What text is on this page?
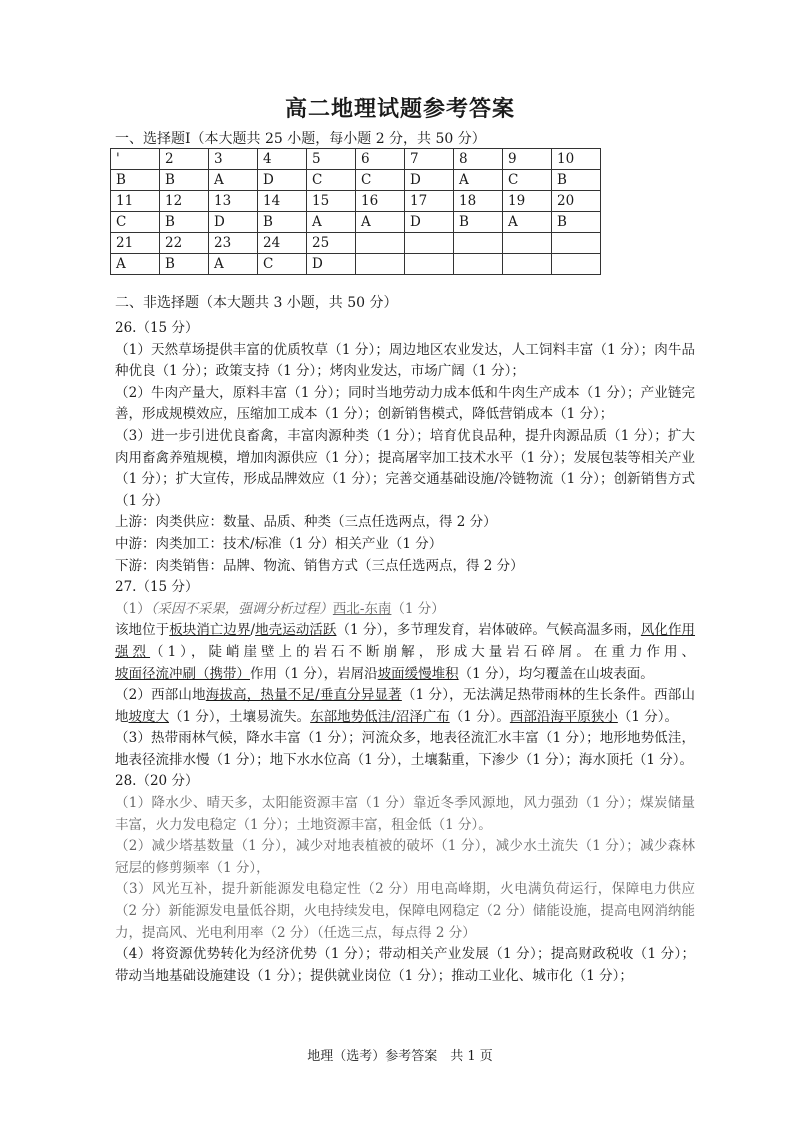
高二地理试题参考答案
一、选择题I（本大题共 25 小题，每小题 2 分，共 50 分）
'	2	3	4	5	6	7	8	9	10
B	B	A	D	C	C	D	A	C	B
11	12	13	14	15	16	17	18	19	20
C	B	D	B	A	A	D	B	A	B
21	22	23	24	25					
A	B	A	C	D					
二、非选择题（本大题共 3 小题，共 50 分）

26.（15 分）

（1）天然草场提供丰富的优质牧草（1 分）；周边地区农业发达，人工饲料丰富（1 分）；肉牛品种优良（1 分）；政策支持（1 分）；烤肉业发达，市场广阔（1 分）；

（2）牛肉产量大，原料丰富（1 分）；同时当地劳动力成本低和牛肉生产成本（1 分）；产业链完善，形成规模效应，压缩加工成本（1 分）；创新销售模式，降低营销成本（1 分）；

（3）进一步引进优良畜禽，丰富肉源种类（1 分）；培育优良品种，提升肉源品质（1 分）；扩大肉用畜禽养殖规模，增加肉源供应（1 分）；提高屠宰加工技术水平（1 分）；发展包装等相关产业（1 分）；扩大宣传，形成品牌效应（1 分）；完善交通基础设施/冷链物流（1 分）；创新销售方式（1 分）

上游：肉类供应：数量、品质、种类（三点任选两点，得 2 分）

中游：肉类加工：技术/标准（1 分）相关产业（1 分）

下游：肉类销售：品牌、物流、销售方式（三点任选两点，得 2 分）

27.（15 分）

（1）（采因不采果，强调分析过程）西北-东南（1 分）

该地位于板块消亡边界/地壳运动活跃（1 分），多节理发育，岩体破碎。气候高温多雨，风化作用强烈（1），陡峭崖壁上的岩石不断崩解，形成大量岩石碎屑。在重力作用、坡面径流冲刷（携带）作用（1 分），岩屑沿坡面缓慢堆积（1 分），均匀覆盖在山坡表面。

（2）西部山地海拔高，热量不足/垂直分异显著（1 分），无法满足热带雨林的生长条件。西部山地坡度大（1 分），土壤易流失。东部地势低洼/沼泽广布（1 分）。西部沿海平原狭小（1 分）。

（3）热带雨林气候，降水丰富（1 分）；河流众多，地表径流汇水丰富（1 分）；地形地势低洼，地表径流排水慢（1 分）；地下水水位高（1 分），土壤黏重，下渗少（1 分）；海水顶托（1 分）。

28.（20 分）

（1）降水少、晴天多，太阳能资源丰富（1 分）靠近冬季风源地，风力强劲（1 分）；煤炭储量丰富，火力发电稳定（1 分）；土地资源丰富，租金低（1 分）。

（2）减少塔基数量（1 分），减少对地表植被的破坏（1 分），减少水土流失（1 分）；减少森林冠层的修剪频率（1 分），

（3）风光互补，提升新能源发电稳定性（2 分）用电高峰期，火电满负荷运行，保障电力供应（2 分）新能源发电量低谷期，火电持续发电，保障电网稳定（2 分）储能设施，提高电网消纳能力，提高风、光电利用率（2 分）（任选三点，每点得 2 分）

（4）将资源优势转化为经济优势（1 分）；带动相关产业发展（1 分）；提高财政税收（1 分）；带动当地基础设施建设（1 分）；提供就业岗位（1 分）；推动工业化、城市化（1 分）；

地理（选考）参考答案　共 1 页
